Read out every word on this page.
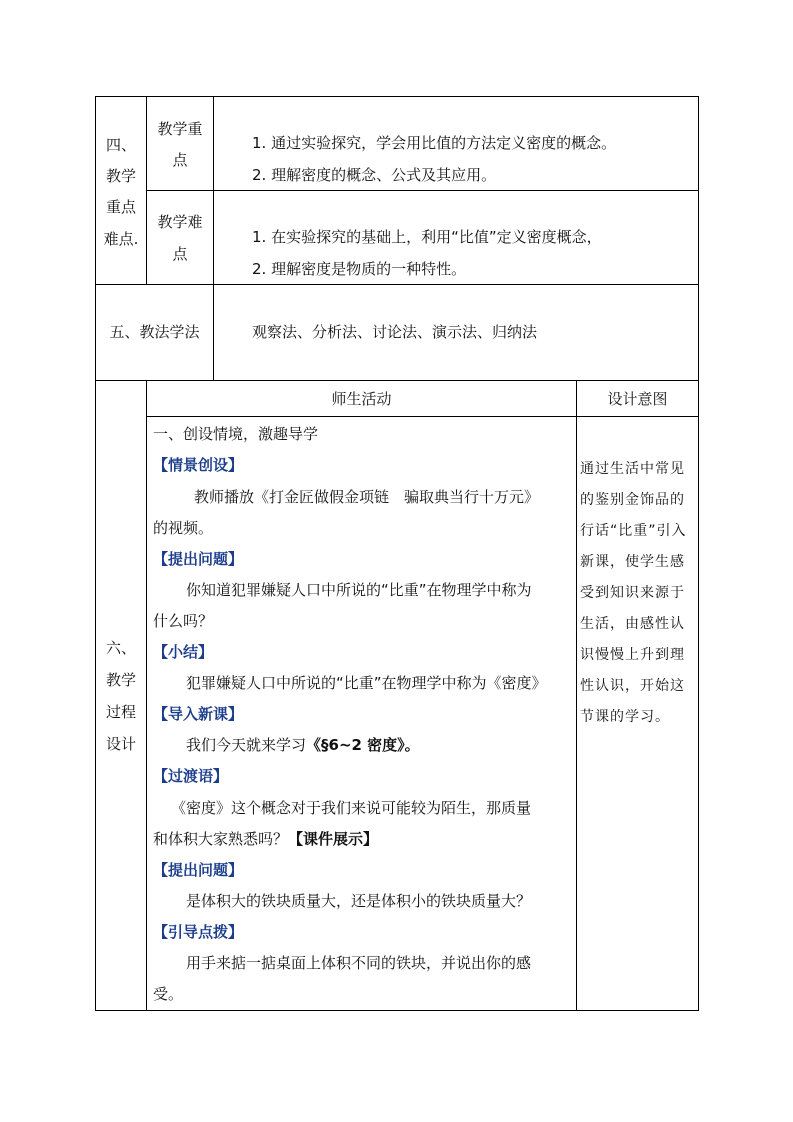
四、
教学
重点
难点.
教学重
点
1. 通过实验探究，学会用比值的方法定义密度的概念。
2. 理解密度的概念、公式及其应用。
教学难
点
1. 在实验探究的基础上，利用“比值”定义密度概念，
2. 理解密度是物质的一种特性。
五、教法学法	观察法、分析法、讨论法、演示法、归纳法
六、
教学
过程
设计
师生活动	设计意图
一、创设情境，激趣导学
【情景创设】
教师播放《打金匠做假金项链　骗取典当行十万元》
的视频。
【提出问题】
你知道犯罪嫌疑人口中所说的“比重”在物理学中称为
什么吗？
【小结】
犯罪嫌疑人口中所说的“比重”在物理学中称为《密度》
【导入新课】
我们今天就来学习《§6~2 密度》。
【过渡语】
《密度》这个概念对于我们来说可能较为陌生，那质量
和体积大家熟悉吗？【课件展示】
【提出问题】
是体积大的铁块质量大，还是体积小的铁块质量大？
【引导点拨】
用手来掂一掂桌面上体积不同的铁块，并说出你的感
受。
通过生活中常见的鉴别金饰品的行话“比重”引入新课，使学生感受到知识来源于生活，由感性认识慢慢上升到理性认识，开始这节课的学习。
